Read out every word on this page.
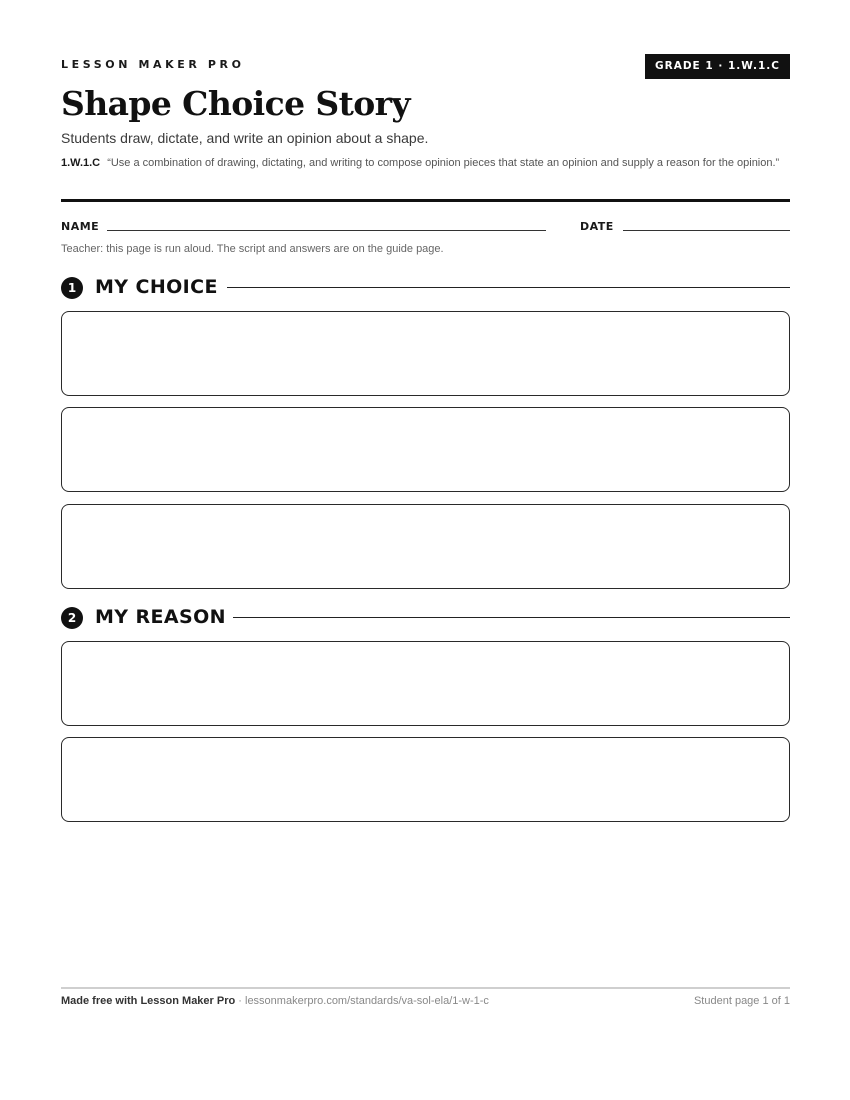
LESSON MAKER PRO	GRADE 1 · 1.W.1.C
Shape Choice Story
Students draw, dictate, and write an opinion about a shape.
1.W.1.C “Use a combination of drawing, dictating, and writing to compose opinion pieces that state an opinion and supply a reason for the opinion.”
NAME	DATE
Teacher: this page is run aloud. The script and answers are on the guide page.
1 MY CHOICE
2 MY REASON
Made free with Lesson Maker Pro · lessonmakerpro.com/standards/va-sol-ela/1-w-1-c	Student page 1 of 1
